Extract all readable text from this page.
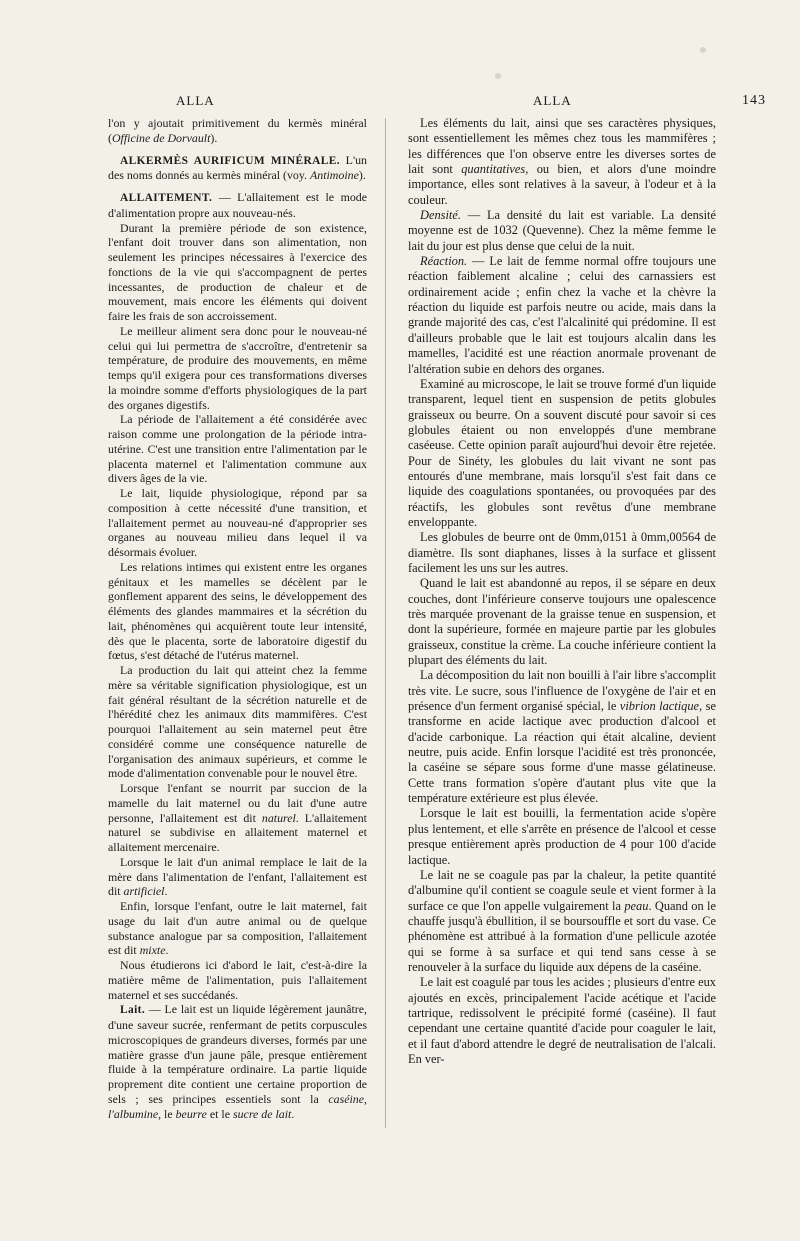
ALLA	ALLA	143

l'on y ajoutait primitivement du kermès minéral (Officine de Dorvault).

ALKERMÈS AURIFICUM MINÉRALE. L'un des noms donnés au kermès minéral (voy. Antimoine).

ALLAITEMENT. — L'allaitement est le mode d'alimentation propre aux nouveau-nés.

Durant la première période de son existence, l'enfant doit trouver dans son alimentation, non seulement les principes nécessaires à l'exercice des fonctions de la vie qui s'accompagnent de pertes incessantes, de production de chaleur et de mouvement, mais encore les éléments qui doivent faire les frais de son accroissement.

Le meilleur aliment sera donc pour le nouveau-né celui qui lui permettra de s'accroître, d'entretenir sa température, de produire des mouvements, en même temps qu'il exigera pour ces transformations diverses la moindre somme d'efforts physiologiques de la part des organes digestifs.

La période de l'allaitement a été considérée avec raison comme une prolongation de la période intra-utérine. C'est une transition entre l'alimentation par le placenta maternel et l'alimentation commune aux divers âges de la vie.

Le lait, liquide physiologique, répond par sa composition à cette nécessité d'une transition, et l'allaitement permet au nouveau-né d'approprier ses organes au nouveau milieu dans lequel il va désormais évoluer.

Les relations intimes qui existent entre les organes génitaux et les mamelles se décèlent par le gonflement apparent des seins, le développement des éléments des glandes mammaires et la sécrétion du lait, phénomènes qui acquièrent toute leur intensité, dès que le placenta, sorte de laboratoire digestif du fœtus, s'est détaché de l'utérus maternel.

La production du lait qui atteint chez la femme mère sa véritable signification physiologique, est un fait général résultant de la sécrétion naturelle et de l'hérédité chez les animaux dits mammifères. C'est pourquoi l'allaitement au sein maternel peut être considéré comme une conséquence naturelle de l'organisation des animaux supérieurs, et comme le mode d'alimentation convenable pour le nouvel être.

Lorsque l'enfant se nourrit par succion de la mamelle du lait maternel ou du lait d'une autre personne, l'allaitement est dit naturel. L'allaitement naturel se subdivise en allaitement maternel et allaitement mercenaire.

Lorsque le lait d'un animal remplace le lait de la mère dans l'alimentation de l'enfant, l'allaitement est dit artificiel.

Enfin, lorsque l'enfant, outre le lait maternel, fait usage du lait d'un autre animal ou de quelque substance analogue par sa composition, l'allaitement est dit mixte.

Nous étudierons ici d'abord le lait, c'est-à-dire la matière même de l'alimentation, puis l'allaitement maternel et ses succédanés.

Lait. — Le lait est un liquide légèrement jaunâtre, d'une saveur sucrée, renfermant de petits corpuscules microscopiques de grandeurs diverses, formés par une matière grasse d'un jaune pâle, presque entièrement fluide à la température ordinaire. La partie liquide proprement dite contient une certaine proportion de sels ; ses principes essentiels sont la caséine, l'albumine, le beurre et le sucre de lait.

Les éléments du lait, ainsi que ses caractères physiques, sont essentiellement les mêmes chez tous les mammifères ; les différences que l'on observe entre les diverses sortes de lait sont quantitatives, ou bien, et alors d'une moindre importance, elles sont relatives à la saveur, à l'odeur et à la couleur.

Densité. — La densité du lait est variable. La densité moyenne est de 1032 (Quevenne). Chez la même femme le lait du jour est plus dense que celui de la nuit.

Réaction. — Le lait de femme normal offre toujours une réaction faiblement alcaline ; celui des carnassiers est ordinairement acide ; enfin chez la vache et la chèvre la réaction du liquide est parfois neutre ou acide, mais dans la grande majorité des cas, c'est l'alcalinité qui prédomine. Il est d'ailleurs probable que le lait est toujours alcalin dans les mamelles, l'acidité est une réaction anormale provenant de l'altération subie en dehors des organes.

Examiné au microscope, le lait se trouve formé d'un liquide transparent, lequel tient en suspension de petits globules graisseux ou beurre. On a souvent discuté pour savoir si ces globules étaient ou non enveloppés d'une membrane caséeuse. Cette opinion paraît aujourd'hui devoir être rejetée. Pour de Sinéty, les globules du lait vivant ne sont pas entourés d'une membrane, mais lorsqu'il s'est fait dans ce liquide des coagulations spontanées, ou provoquées par des réactifs, les globules sont revêtus d'une membrane enveloppante.

Les globules de beurre ont de 0mm,0151 à 0mm,00564 de diamètre. Ils sont diaphanes, lisses à la surface et glissent facilement les uns sur les autres.

Quand le lait est abandonné au repos, il se sépare en deux couches, dont l'inférieure conserve toujours une opalescence très marquée provenant de la graisse tenue en suspension, et dont la supérieure, formée en majeure partie par les globules graisseux, constitue la crème. La couche inférieure contient la plupart des éléments du lait.

La décomposition du lait non bouilli à l'air libre s'accomplit très vite. Le sucre, sous l'influence de l'oxygène de l'air et en présence d'un ferment organisé spécial, le vibrion lactique, se transforme en acide lactique avec production d'alcool et d'acide carbonique. La réaction qui était alcaline, devient neutre, puis acide. Enfin lorsque l'acidité est très prononcée, la caséine se sépare sous forme d'une masse gélatineuse. Cette trans formation s'opère d'autant plus vite que la température extérieure est plus élevée.

Lorsque le lait est bouilli, la fermentation acide s'opère plus lentement, et elle s'arrête en présence de l'alcool et cesse presque entièrement après production de 4 pour 100 d'acide lactique.

Le lait ne se coagule pas par la chaleur, la petite quantité d'albumine qu'il contient se coagule seule et vient former à la surface ce que l'on appelle vulgairement la peau. Quand on le chauffe jusqu'à ébullition, il se boursouffle et sort du vase. Ce phénomène est attribué à la formation d'une pellicule azotée qui se forme à sa surface et qui tend sans cesse à se renouveler à la surface du liquide aux dépens de la caséine.

Le lait est coagulé par tous les acides ; plusieurs d'entre eux ajoutés en excès, principalement l'acide acétique et l'acide tartrique, redissolvent le précipité formé (caséine). Il faut cependant une certaine quantité d'acide pour coaguler le lait, et il faut d'abord attendre le degré de neutralisation de l'alcali. En ver-
